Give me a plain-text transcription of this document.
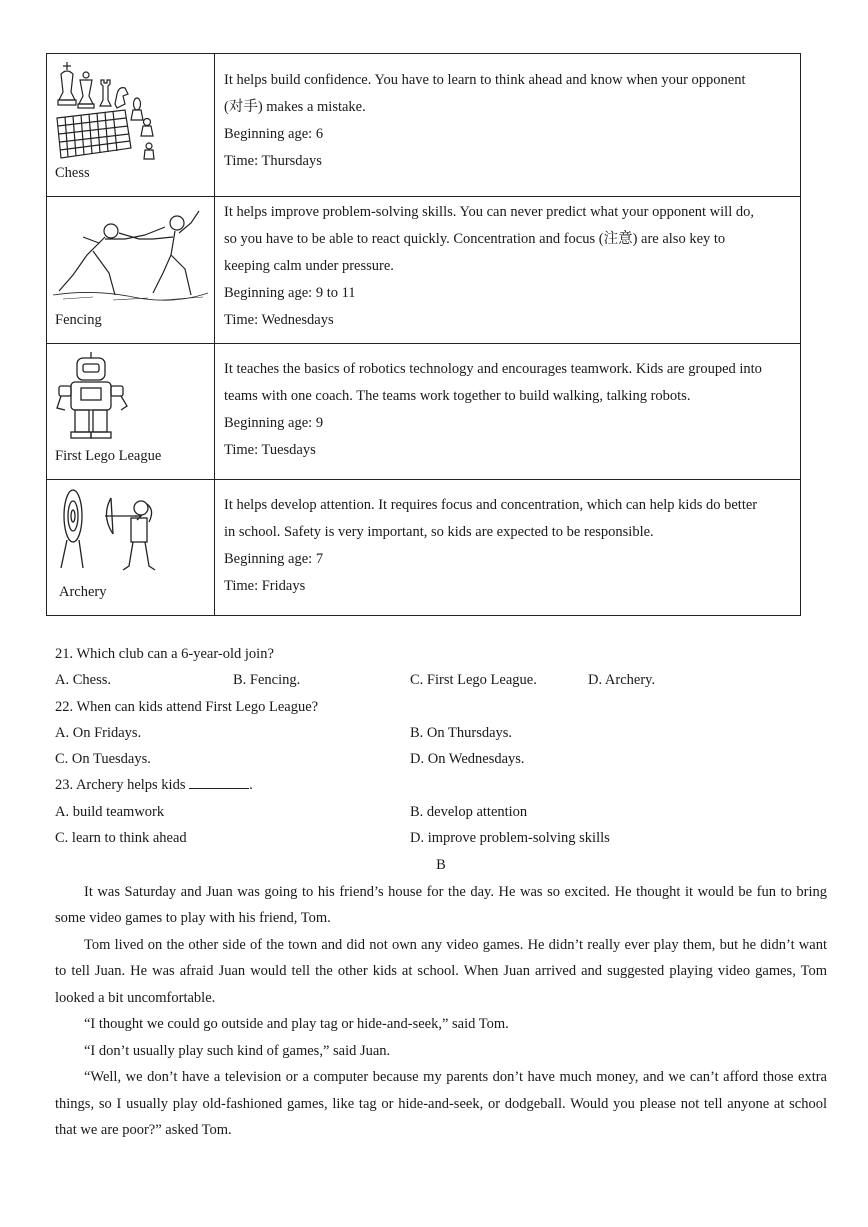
Chess	It helps build confidence. You have to learn to think ahead and know when your opponent

(对手) makes a mistake.

Beginning age: 6

Time: Thursdays

Fencing	It helps improve problem-solving skills. You can never predict what your opponent will do,

so you have to be able to react quickly. Concentration and focus (注意) are also key to

keeping calm under pressure.

Beginning age: 9 to 11

Time: Wednesdays

First Lego League	It teaches the basics of robotics technology and encourages teamwork. Kids are grouped into

teams with one coach. The teams work together to build walking, talking robots.

Beginning age: 9

Time: Tuesdays

Archery	It helps develop attention. It requires focus and concentration, which can help kids do better

in school. Safety is very important, so kids are expected to be responsible.

Beginning age: 7

Time: Fridays

21. Which club can a 6-year-old join?
A. Chess.	B. Fencing.	C. First Lego League.	D. Archery.
22. When can kids attend First Lego League?
A. On Fridays.	B. On Thursdays.
C. On Tuesdays.	D. On Wednesdays.
23. Archery helps kids	.
A. build teamwork	B. develop attention
C. learn to think ahead	D. improve problem-solving skills
B

It was Saturday and Juan was going to his friend’s house for the day. He was so excited. He thought it would be fun to bring some video games to play with his friend, Tom.

Tom lived on the other side of the town and did not own any video games. He didn’t really ever play them, but he didn’t want to tell Juan. He was afraid Juan would tell the other kids at school. When Juan arrived and suggested playing video games, Tom looked a bit uncomfortable.

“I thought we could go outside and play tag or hide-and-seek,” said Tom.

“I don’t usually play such kind of games,” said Juan.

“Well, we don’t have a television or a computer because my parents don’t have much money, and we can’t afford those extra things, so I usually play old-fashioned games, like tag or hide-and-seek, or dodgeball. Would you please not tell anyone at school that we are poor?” asked Tom.
